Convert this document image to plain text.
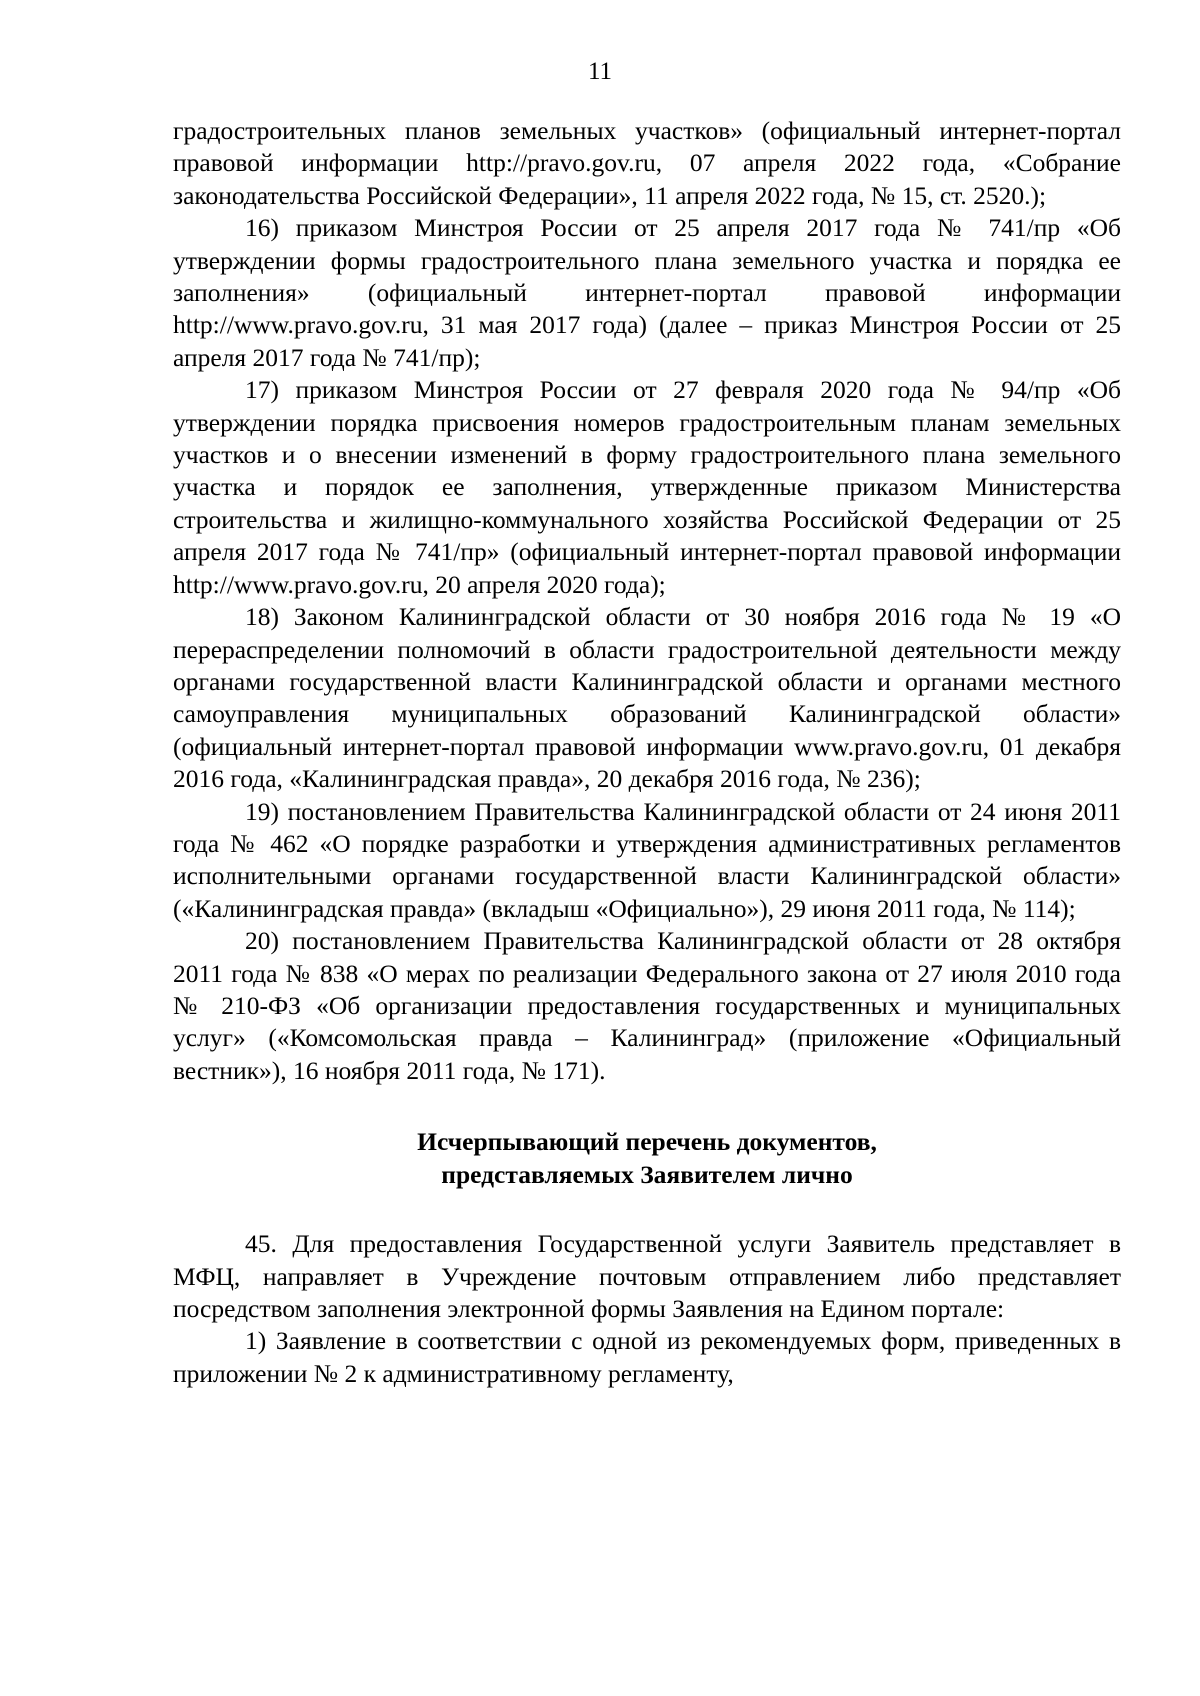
11

градостроительных планов земельных участков» (официальный интернет-портал правовой информации http://pravo.gov.ru, 07 апреля 2022 года, «Собрание законодательства Российской Федерации», 11 апреля 2022 года, № 15, ст. 2520.);

16) приказом Минстроя России от 25 апреля 2017 года № 741/пр «Об утверждении формы градостроительного плана земельного участка и порядка ее заполнения» (официальный интернет-портал правовой информации http://www.pravo.gov.ru, 31 мая 2017 года) (далее – приказ Минстроя России от 25 апреля 2017 года № 741/пр);

17) приказом Минстроя России от 27 февраля 2020 года № 94/пр «Об утверждении порядка присвоения номеров градостроительным планам земельных участков и о внесении изменений в форму градостроительного плана земельного участка и порядок ее заполнения, утвержденные приказом Министерства строительства и жилищно-коммунального хозяйства Российской Федерации от 25 апреля 2017 года № 741/пр» (официальный интернет-портал правовой информации http://www.pravo.gov.ru, 20 апреля 2020 года);

18) Законом Калининградской области от 30 ноября 2016 года № 19 «О перераспределении полномочий в области градостроительной деятельности между органами государственной власти Калининградской области и органами местного самоуправления муниципальных образований Калининградской области» (официальный интернет-портал правовой информации www.pravo.gov.ru, 01 декабря 2016 года, «Калининградская правда», 20 декабря 2016 года, № 236);

19) постановлением Правительства Калининградской области от 24 июня 2011 года № 462 «О порядке разработки и утверждения административных регламентов исполнительными органами государственной власти Калининградской области» («Калининградская правда» (вкладыш «Официально»), 29 июня 2011 года, № 114);

20) постановлением Правительства Калининградской области от 28 октября 2011 года № 838 «О мерах по реализации Федерального закона от 27 июля 2010 года № 210-ФЗ «Об организации предоставления государственных и муниципальных услуг» («Комсомольская правда – Калининград» (приложение «Официальный вестник»), 16 ноября 2011 года, № 171).

Исчерпывающий перечень документов,
представляемых Заявителем лично

45. Для предоставления Государственной услуги Заявитель представляет в МФЦ, направляет в Учреждение почтовым отправлением либо представляет посредством заполнения электронной формы Заявления на Едином портале:

1) Заявление в соответствии с одной из рекомендуемых форм, приведенных в приложении № 2 к административному регламенту,
